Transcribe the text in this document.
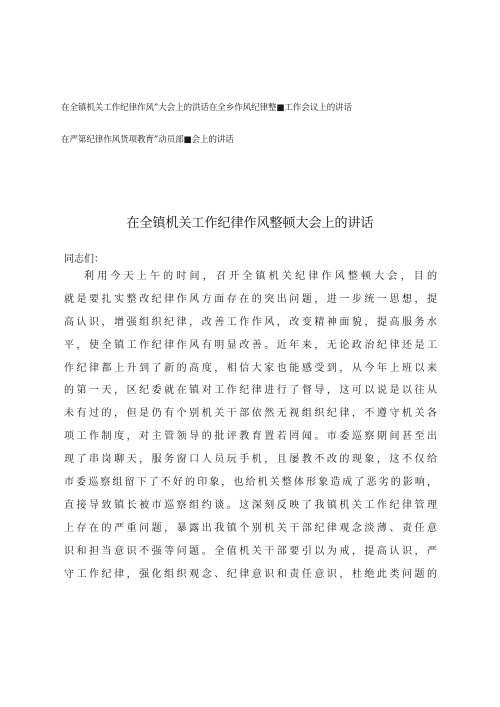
在全镇机关工作纪律作风”大会上的洪话在全乡作风纪律整■工作会议上的讲话
在严第纪律作风货项教育”动员部■会上的讲话
在全镇机关工作纪律作风整顿大会上的讲话
同志们：
利用今天上午的时间，召开全镇机关纪律作风整顿大会，目的
就是要扎实整改纪律作风方面存在的突出问题，进一步统一思想，提
高认识，增强组织纪律，改善工作作风，改变精神面貌，提高服务水
平，使全镇工作纪律作风有明显改善。近年来，无论政治纪律还是工
作纪律都上升到了新的高度，相信大家也能感受到，从今年上班以来
的第一天，区纪委就在镇对工作纪律进行了督导，这可以说是以往从
未有过的，但是仍有个别机关干部依然无视组织纪律，不遵守机关各
项工作制度，对主管领导的批评教育置若罔闻。市委巡察期间甚至出
现了串岗聊天，服务窗口人员玩手机，且屡教不改的现象，这不仅给
市委巡察组留下了不好的印象，也给机关整体形象造成了恶劣的影响，
直接导致镇长被市巡察组约谈。这深刻反映了我镇机关工作纪律管理
上存在的严重问题，暴露出我镇个别机关干部纪律观念淡薄、责任意
识和担当意识不强等问题。全值机关干部要引以为戒，提高认识，严
守工作纪律，强化组织观念、纪律意识和责任意识，杜绝此类问题的
